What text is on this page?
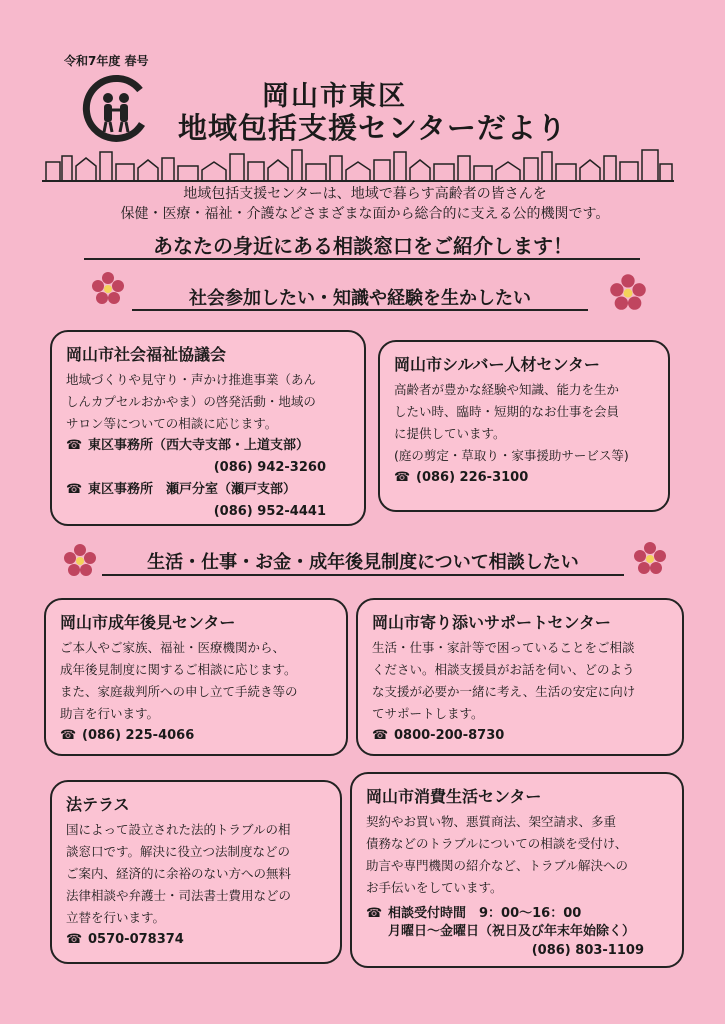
令和7年度 春号
岡山市東区
地域包括支援センターだより
地域包括支援センターは、地域で暮らす高齢者の皆さんを
保健・医療・福祉・介護などさまざまな面から総合的に支える公的機関です。
あなたの身近にある相談窓口をご紹介します！
社会参加したい・知識や経験を生かしたい
岡山市社会福祉協議会
地域づくりや見守り・声かけ推進事業（あん
しんカプセルおかやま）の啓発活動・地域の
サロン等についての相談に応じます。
☎ 東区事務所（西大寺支部・上道支部）
(086) 942-3260
☎ 東区事務所　瀬戸分室（瀬戸支部）
(086) 952-4441
岡山市シルバー人材センター
高齢者が豊かな経験や知識、能力を生か
したい時、臨時・短期的なお仕事を会員
に提供しています。
(庭の剪定・草取り・家事援助サービス等)
☎ (086) 226-3100
生活・仕事・お金・成年後見制度について相談したい
岡山市成年後見センター
ご本人やご家族、福祉・医療機関から、
成年後見制度に関するご相談に応じます。
また、家庭裁判所への申し立て手続き等の
助言を行います。
☎ (086) 225-4066
岡山市寄り添いサポートセンター
生活・仕事・家計等で困っていることをご相談
ください。相談支援員がお話を伺い、どのよう
な支援が必要か一緒に考え、生活の安定に向け
てサポートします。
☎ 0800-200-8730
法テラス
国によって設立された法的トラブルの相
談窓口です。解決に役立つ法制度などの
ご案内、経済的に余裕のない方への無料
法律相談や弁護士・司法書士費用などの
立替を行います。
☎ 0570-078374
岡山市消費生活センター
契約やお買い物、悪質商法、架空請求、多重
債務などのトラブルについての相談を受付け、
助言や専門機関の紹介など、トラブル解決への
お手伝いをしています。
☎ 相談受付時間　9：00～16：00
月曜日～金曜日（祝日及び年末年始除く）
(086) 803-1109
